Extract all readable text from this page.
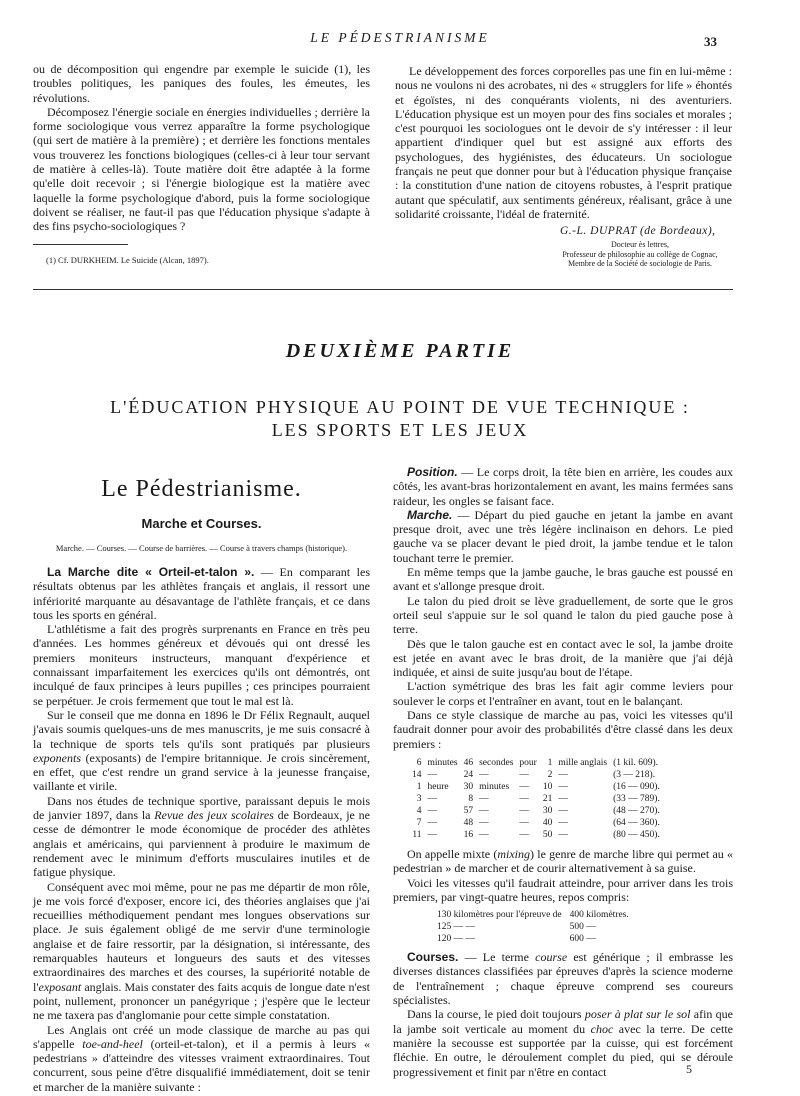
LE PÉDESTRIANISME	33

ou de décomposition qui engendre par exemple le suicide (1), les troubles politiques, les paniques des foules, les émeutes, les révolutions.

Décomposez l'énergie sociale en énergies individuelles ; derrière la forme sociologique vous verrez apparaître la forme psychologique (qui sert de matière à la première) ; et derrière les fonctions mentales vous trouverez les fonctions biologiques (celles-ci à leur tour servant de matière à celles-là). Toute matière doit être adaptée à la forme qu'elle doit recevoir ; si l'énergie biologique est la matière avec laquelle la forme psychologique d'abord, puis la forme sociologique doivent se réaliser, ne faut-il pas que l'éducation physique s'adapte à des fins psycho-sociologiques ?

(1) Cf. DURKHEIM. Le Suicide (Alcan, 1897).

Le développement des forces corporelles pas une fin en lui-même : nous ne voulons ni des acrobates, ni des « strugglers for life » éhontés et égoïstes, ni des conquérants violents, ni des aventuriers. L'éducation physique est un moyen pour des fins sociales et morales ; c'est pourquoi les sociologues ont le devoir de s'y intéresser : il leur appartient d'indiquer quel but est assigné aux efforts des psychologues, des hygiénistes, des éducateurs. Un sociologue français ne peut que donner pour but à l'éducation physique française : la constitution d'une nation de citoyens robustes, à l'esprit pratique autant que spéculatif, aux sentiments généreux, réalisant, grâce à une solidarité croissante, l'idéal de fraternité.

G.-L. DUPRAT (de Bordeaux),
Docteur ès lettres,
Professeur de philosophie au collège de Cognac,
Membre de la Société de sociologie de Paris.
DEUXIÈME PARTIE
L'ÉDUCATION PHYSIQUE AU POINT DE VUE TECHNIQUE :
LES SPORTS ET LES JEUX
Le Pédestrianisme.
Marche et Courses.
Marche. — Courses. — Course de barrières. — Course à travers champs (historique).

La Marche dite « Orteil-et-talon ». — En comparant les résultats obtenus par les athlètes français et anglais, il ressort une infériorité marquante au désavantage de l'athlète français, et ce dans tous les sports en général.

L'athlétisme a fait des progrès surprenants en France en très peu d'années. Les hommes généreux et dévoués qui ont dressé les premiers moniteurs instructeurs, manquant d'expérience et connaissant imparfaitement les exercices qu'ils ont démontrés, ont inculqué de faux principes à leurs pupilles ; ces principes pourraient se perpétuer. Je crois fermement que tout le mal est là.

Sur le conseil que me donna en 1896 le Dr Félix Regnault, auquel j'avais soumis quelques-uns de mes manuscrits, je me suis consacré à la technique de sports tels qu'ils sont pratiqués par plusieurs exponents (exposants) de l'empire britannique. Je crois sincèrement, en effet, que c'est rendre un grand service à la jeunesse française, vaillante et virile.

Dans nos études de technique sportive, paraissant depuis le mois de janvier 1897, dans la Revue des jeux scolaires de Bordeaux, je ne cesse de démontrer le mode économique de procéder des athlètes anglais et américains, qui parviennent à produire le maximum de rendement avec le minimum d'efforts musculaires inutiles et de fatigue physique.

Conséquent avec moi même, pour ne pas me départir de mon rôle, je me vois forcé d'exposer, encore ici, des théories anglaises que j'ai recueillies méthodiquement pendant mes longues observations sur place. Je suis également obligé de me servir d'une terminologie anglaise et de faire ressortir, par la désignation, si intéressante, des remarquables hauteurs et longueurs des sauts et des vitesses extraordinaires des marches et des courses, la supériorité notable de l'exposant anglais. Mais constater des faits acquis de longue date n'est point, nullement, prononcer un panégyrique ; j'espère que le lecteur ne me taxera pas d'anglomanie pour cette simple constatation.

Les Anglais ont créé un mode classique de marche au pas qui s'appelle toe-and-heel (orteil-et-talon), et il a permis à leurs « pedestrians » d'atteindre des vitesses vraiment extraordinaires. Tout concurrent, sous peine d'être disqualifié immédiatement, doit se tenir et marcher de la manière suivante :

Position. — Le corps droit, la tête bien en arrière, les coudes aux côtés, les avant-bras horizontalement en avant, les mains fermées sans raideur, les ongles se faisant face.

Marche. — Départ du pied gauche en jetant la jambe en avant presque droit, avec une très légère inclinaison en dehors. Le pied gauche va se placer devant le pied droit, la jambe tendue et le talon touchant terre le premier.

En même temps que la jambe gauche, le bras gauche est poussé en avant et s'allonge presque droit.

Le talon du pied droit se lève graduellement, de sorte que le gros orteil seul s'appuie sur le sol quand le talon du pied gauche pose à terre.

Dès que le talon gauche est en contact avec le sol, la jambe droite est jetée en avant avec le bras droit, de la manière que j'ai déjà indiquée, et ainsi de suite jusqu'au bout de l'étape.

L'action symétrique des bras les fait agir comme leviers pour soulever le corps et l'entraîner en avant, tout en le balançant.

Dans ce style classique de marche au pas, voici les vitesses qu'il faudrait donner pour avoir des probabilités d'être classé dans les deux premiers :

6	minutes	46	secondes	pour	1	mille anglais	(1 kil. 609).
14	—	24	—	—	2	—	(3 — 218).
1	heure	30	minutes	—	10	—	(16 — 090).
3	—	8	—	—	21	—	(33 — 789).
4	—	57	—	—	30	—	(48 — 270).
7	—	48	—	—	40	—	(64 — 360).
11	—	16	—	—	50	—	(80 — 450).

On appelle mixte (mixing) le genre de marche libre qui permet au « pedestrian » de marcher et de courir alternativement à sa guise.

Voici les vitesses qu'il faudrait atteindre, pour arriver dans les trois premiers, par vingt-quatre heures, repos compris:

130 kilomètres pour l'épreuve de	400 kilomètres.
125 — —	500 —
120 — —	600 —

Courses. — Le terme course est générique ; il embrasse les diverses distances classifiées par épreuves d'après la science moderne de l'entraînement ; chaque épreuve comprend ses coureurs spécialistes.

Dans la course, le pied doit toujours poser à plat sur le sol afin que la jambe soit verticale au moment du choc avec la terre. De cette manière la secousse est supportée par la cuisse, qui est forcément fléchie. En outre, le déroulement complet du pied, qui se déroule progressivement et finit par n'être en contact	5
